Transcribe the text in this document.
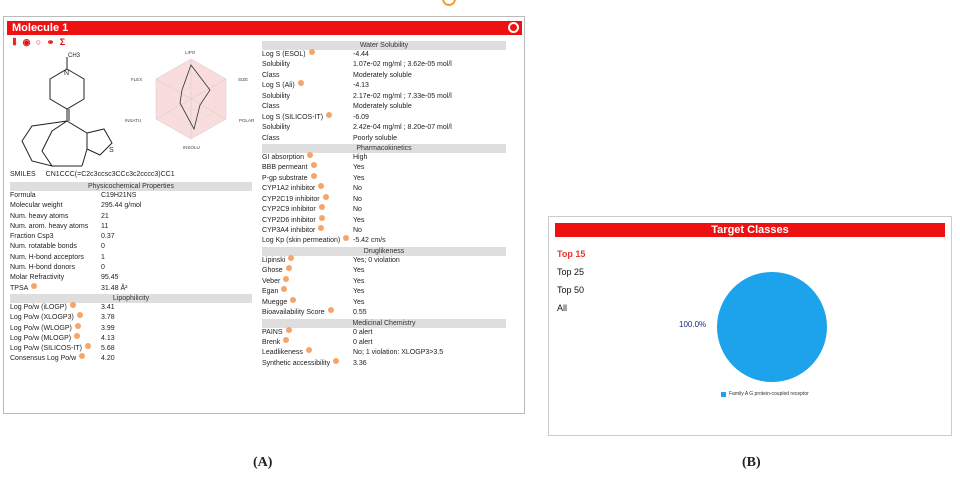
Molecule 1
⫴ ◉ ○ ⚭ Σ
CH3
N
S
LIPO
SIZE
POLAR
INSOLU
INSATU
FLEX
SMILES CN1CCC(=C2c3ccsc3CCc3c2cccc3)CC1
Physicochemical Properties
Formula	C19H21NS
Molecular weight	295.44 g/mol
Num. heavy atoms	21
Num. arom. heavy atoms	11
Fraction Csp3	0.37
Num. rotatable bonds	0
Num. H-bond acceptors	1
Num. H-bond donors	0
Molar Refractivity	95.45
TPSA	31.48 Å²
Lipophilicity
Log Po/w (iLOGP)	3.41
Log Po/w (XLOGP3)	3.78
Log Po/w (WLOGP)	3.99
Log Po/w (MLOGP)	4.13
Log Po/w (SILICOS-IT)	5.68
Consensus Log Po/w	4.20
Water Solubility
Log S (ESOL)	-4.44
Solubility	1.07e-02 mg/ml ; 3.62e-05 mol/l
Class	Moderately soluble
Log S (Ali)	-4.13
Solubility	2.17e-02 mg/ml ; 7.33e-05 mol/l
Class	Moderately soluble
Log S (SILICOS-IT)	-6.09
Solubility	2.42e-04 mg/ml ; 8.20e-07 mol/l
Class	Poorly soluble
Pharmacokinetics
GI absorption	High
BBB permeant	Yes
P-gp substrate	Yes
CYP1A2 inhibitor	No
CYP2C19 inhibitor	No
CYP2C9 inhibitor	No
CYP2D6 inhibitor	Yes
CYP3A4 inhibitor	No
Log Kp (skin permeation) -5.42 cm/s
Druglikeness
Lipinski	Yes; 0 violation
Ghose	Yes
Veber	Yes
Egan	Yes
Muegge	Yes
Bioavailability Score	0.55
Medicinal Chemistry
PAINS	0 alert
Brenk	0 alert
Leadlikeness	No; 1 violation: XLOGP3>3.5
Synthetic accessibility	3.36
(A)
Target Classes
Top 15
Top 25
Top 50
All
100.0%
Family A G protein-coupled receptor
(B)
